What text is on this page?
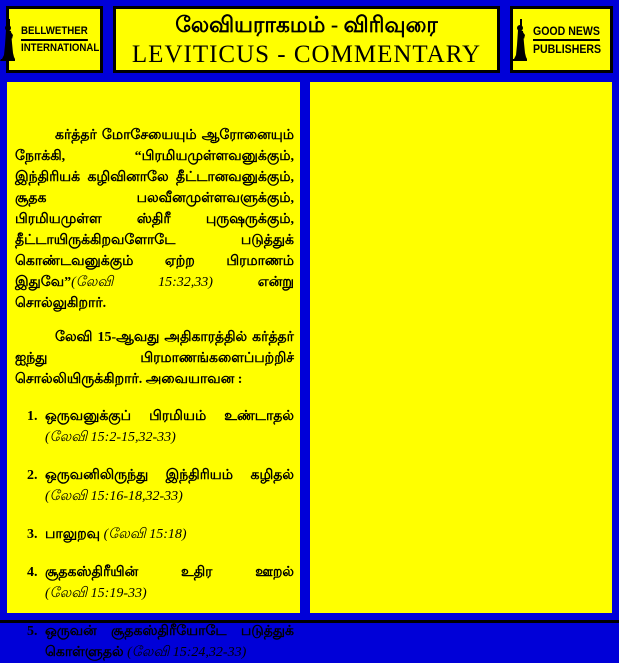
BELLWETHER
INTERNATIONAL
லேவியராகமம் - விரிவுரை
LEVITICUS - COMMENTARY
GOOD NEWS
PUBLISHERS

கர்த்தர் மோசேயையும் ஆரோனையும் நோக்கி, “பிரமியமுள்ளவனுக்கும், இந்திரியக் கழிவினாலே தீட்டானவனுக்கும், சூதக பலவீனமுள்ளவளுக்கும், பிரமியமுள்ள ஸ்திரீ புருஷருக்கும், தீட்டாயிருக்கிறவளோடே படுத்துக் கொண்டவனுக்கும் ஏற்ற பிரமாணம் இதுவே”(லேவி 15:32,33) என்று சொல்லுகிறார்.

லேவி 15-ஆவது அதிகாரத்தில் கர்த்தர் ஐந்து பிரமாணங்களைப்பற்றிச் சொல்லியிருக்கிறார். அவையாவன :

1. ஒருவனுக்குப் பிரமியம் உண்டாதல் (லேவி 15:2-15,32-33)
2. ஒருவனிலிருந்து இந்திரியம் கழிதல் (லேவி 15:16-18,32-33)
3. பாலுறவு (லேவி 15:18)
4. சூதகஸ்திரீயின் உதிர ஊறல் (லேவி 15:19-33)
5. ஒருவன் சூதகஸ்திரீயோடே படுத்துக் கொள்ளுதல் (லேவி 15:24,32-33)
